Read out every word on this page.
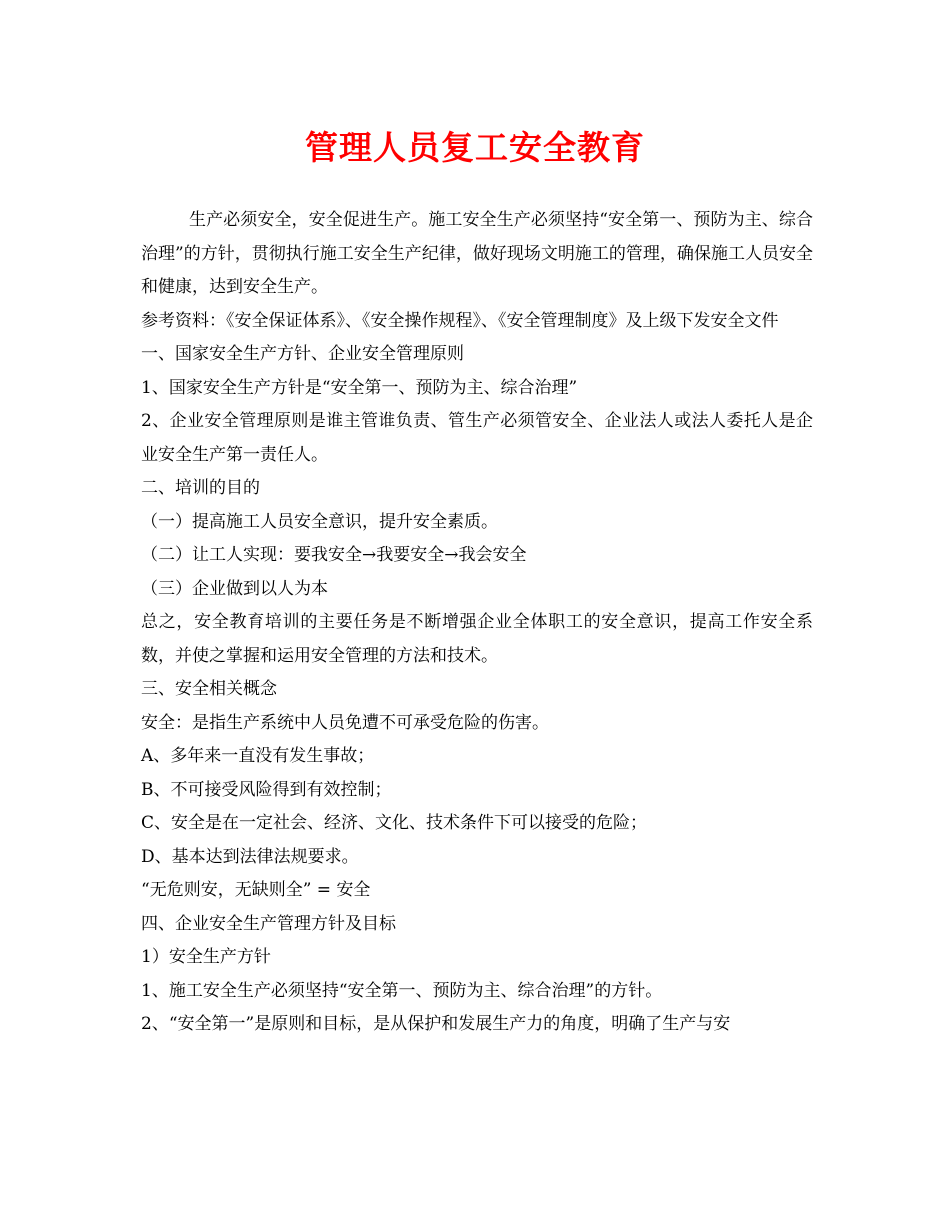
管理人员复工安全教育

生产必须安全，安全促进生产。施工安全生产必须坚持“安全第一、预防为主、综合治理”的方针，贯彻执行施工安全生产纪律，做好现场文明施工的管理，确保施工人员安全和健康，达到安全生产。

参考资料：《安全保证体系》、《安全操作规程》、《安全管理制度》及上级下发安全文件

一、国家安全生产方针、企业安全管理原则

1、国家安全生产方针是“安全第一、预防为主、综合治理”

2、企业安全管理原则是谁主管谁负责、管生产必须管安全、企业法人或法人委托人是企业安全生产第一责任人。

二、培训的目的

（一）提高施工人员安全意识，提升安全素质。

（二）让工人实现：要我安全→我要安全→我会安全

（三）企业做到以人为本

总之，安全教育培训的主要任务是不断增强企业全体职工的安全意识，提高工作安全系数，并使之掌握和运用安全管理的方法和技术。

三、安全相关概念

安全：是指生产系统中人员免遭不可承受危险的伤害。

A、多年来一直没有发生事故；

B、不可接受风险得到有效控制；

C、安全是在一定社会、经济、文化、技术条件下可以接受的危险；

D、基本达到法律法规要求。

“无危则安，无缺则全” = 安全

四、企业安全生产管理方针及目标

1）安全生产方针

1、施工安全生产必须坚持“安全第一、预防为主、综合治理”的方针。

2、“安全第一”是原则和目标，是从保护和发展生产力的角度，明确了生产与安
